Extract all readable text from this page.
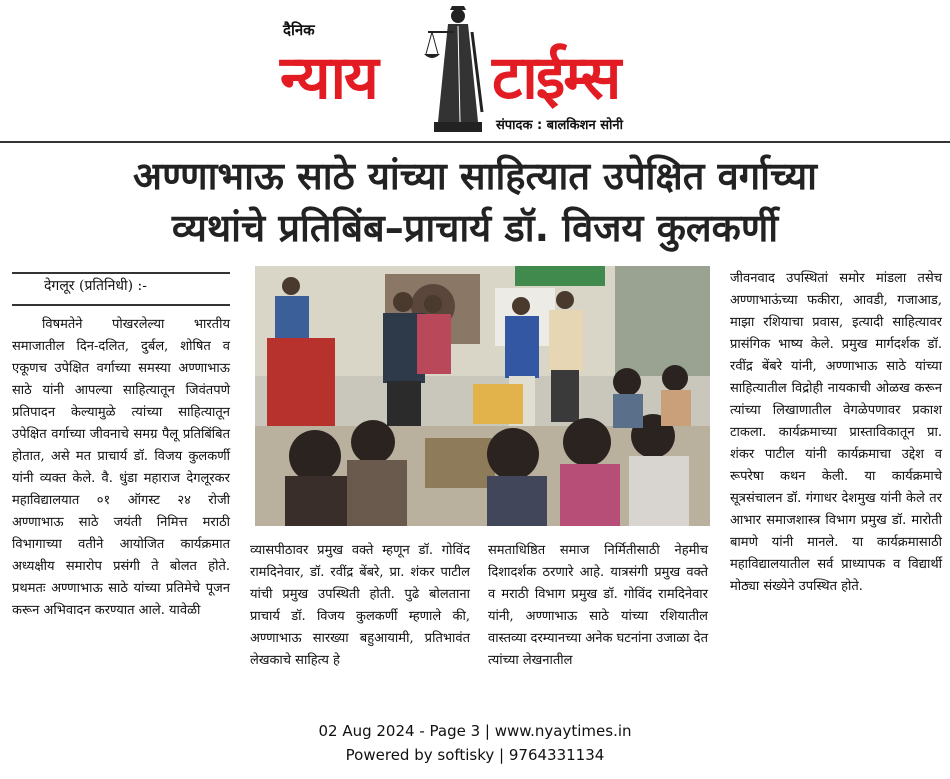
दैनिक
न्याय टाईम्स
संपादक : बालकिशन सोनी
अण्णाभाऊ साठे यांच्या साहित्यात उपेक्षित वर्गाच्या
व्यथांचे प्रतिबिंब–प्राचार्य डॉ. विजय कुलकर्णी
देगलूर (प्रतिनिधी) :-
विषमतेने पोखरलेल्या भारतीय समाजातील दिन-दलित, दुर्बल, शोषित व एकूणच उपेक्षित वर्गाच्या समस्या अण्णाभाऊ साठे यांनी आपल्या साहित्यातून जिवंतपणे प्रतिपादन केल्यामुळे त्यांच्या साहित्यातून उपेक्षित वर्गाच्या जीवनाचे समग्र पैलू प्रतिबिंबित होतात, असे मत प्राचार्य डॉ. विजय कुलकर्णी यांनी व्यक्त केले. वै. धुंडा महाराज देगलूरकर महाविद्यालयात ०१ ऑगस्ट २४ रोजी अण्णाभाऊ साठे जयंती निमित्त मराठी विभागाच्या वतीने आयोजित कार्यक्रमात अध्यक्षीय समारोप प्रसंगी ते बोलत होते. प्रथमतः अण्णाभाऊ साठे यांच्या प्रतिमेचे पूजन करून अभिवादन करण्यात आले. यावेळी
व्यासपीठावर प्रमुख वक्ते म्हणून डॉ. गोविंद रामदिनेवार, डॉ. रवींद्र बेंबरे, प्रा. शंकर पाटील यांची प्रमुख उपस्थिती होती. पुढे बोलताना प्राचार्य डॉ. विजय कुलकर्णी म्हणाले की, अण्णाभाऊ सारख्या बहुआयामी, प्रतिभावंत लेखकाचे साहित्य हे
समताधिष्ठित समाज निर्मितीसाठी नेहमीच दिशादर्शक ठरणारे आहे. यात्रसंगी प्रमुख वक्ते व मराठी विभाग प्रमुख डॉ. गोविंद रामदिनेवार यांनी, अण्णाभाऊ साठे यांच्या रशियातील वास्तव्या दरम्यानच्या अनेक घटनांना उजाळा देत त्यांच्या लेखनातील
जीवनवाद उपस्थितां समोर मांडला तसेच अण्णाभाऊंच्या फकीरा, आवडी, गजाआड, माझा रशियाचा प्रवास, इत्यादी साहित्यावर प्रासंगिक भाष्य केले. प्रमुख मार्गदर्शक डॉ. रवींद्र बेंबरे यांनी, अण्णाभाऊ साठे यांच्या साहित्यातील विद्रोही नायकाची ओळख करून त्यांच्या लिखाणातील वेगळेपणावर प्रकाश टाकला. कार्यक्रमाच्या प्रास्ताविकातून प्रा. शंकर पाटील यांनी कार्यक्रमाचा उद्देश व रूपरेषा कथन केली. या कार्यक्रमाचे सूत्रसंचालन डॉ. गंगाधर देशमुख यांनी केले तर आभार समाजशास्त्र विभाग प्रमुख डॉ. मारोती बामणे यांनी मानले. या कार्यक्रमासाठी महाविद्यालयातील सर्व प्राध्यापक व विद्यार्थी मोठ्या संख्येने उपस्थित होते.
02 Aug 2024 - Page 3 | www.nyaytimes.in
Powered by softisky | 9764331134
